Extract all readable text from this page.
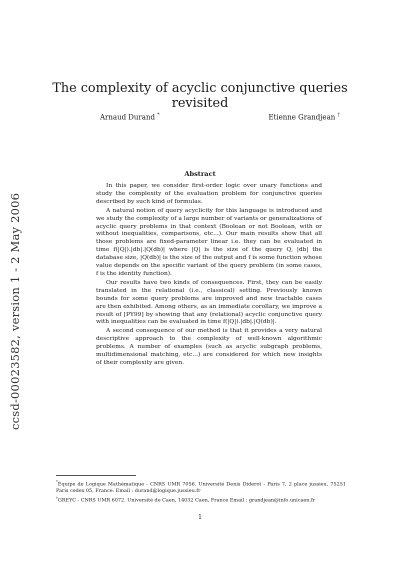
ccsd-00023582, version 1 - 2 May 2006
The complexity of acyclic conjunctive queries revisited
Arnaud Durand *	Etienne Grandjean †
Abstract

In this paper, we consider first-order logic over unary functions and study the complexity of the evaluation problem for conjunctive queries described by such kind of formulas.

A natural notion of query acyclicity for this language is introduced and we study the complexity of a large number of variants or generalizations of acyclic query problems in that context (Boolean or not Boolean, with or without inequalities, comparisons, etc...). Our main results show that all those problems are fixed-parameter linear i.e. they can be evaluated in time f(|Q|).|db|.|Q(db)| where |Q| is the size of the query Q, |db| the database size, |Q(db)| is the size of the output and f is some function whose value depends on the specific variant of the query problem (in some cases, f is the identity function).

Our results have two kinds of consequences. First, they can be easily translated in the relational (i.e., classical) setting. Previously known bounds for some query problems are improved and new tractable cases are then exhibited. Among others, as an immediate corollary, we improve a result of [PY99] by showing that any (relational) acyclic conjunctive query with inequalities can be evaluated in time f(|Q|).|db|.|Q(db)|.

A second consequence of our method is that it provides a very natural descriptive approach to the complexity of well-known algorithmic problems. A number of examples (such as acyclic subgraph problems, multidimensional matching, etc...) are considered for which new insights of their complexity are given.

*Équipe de Logique Mathématique - CNRS UMR 7056. Université Denis Diderot - Paris 7, 2 place jussieu, 75251 Paris cedex 05, France. Email : durand@logique.jussieu.fr

†GREYC - CNRS UMR 6072. Université de Caen, 14032 Caen, France Email : grandjean@info.unicaen.fr

1
